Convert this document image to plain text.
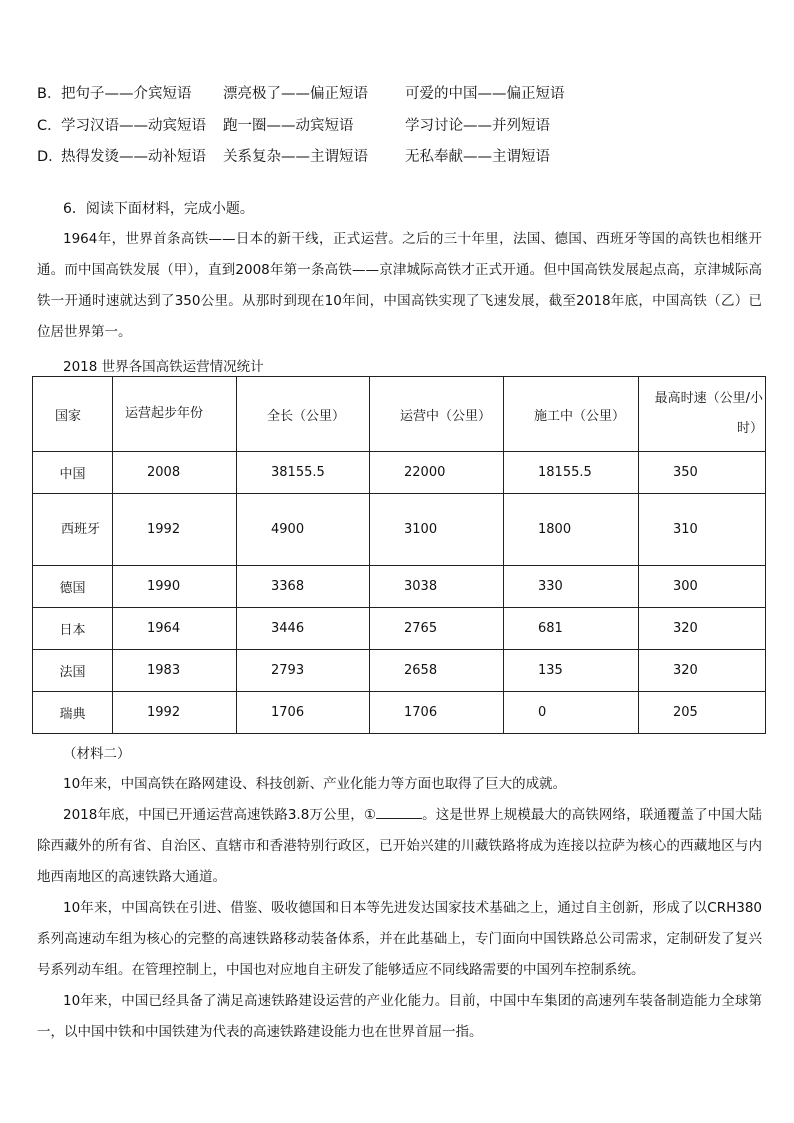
B． 把句子——介宾短语 漂亮极了——偏正短语	可爱的中国——偏正短语
C． 学习汉语——动宾短语 跑一圈——动宾短语	学习讨论——并列短语
D．
热得发烫——动补短语 关系复杂——主谓短语	无私奉献——主谓短语
6．阅读下面材料，完成小题。

1964年，世界首条高铁——日本的新干线，正式运营。之后的三十年里，法国、德国、西班牙等国的高铁也相继开通。而中国高铁发展（甲），直到2008年第一条高铁——京津城际高铁才正式开通。但中国高铁发展起点高，京津城际高铁一开通时速就达到了350公里。从那时到现在10年间，中国高铁实现了飞速发展，截至2018年底，中国高铁（乙）已位居世界第一。

2018 世界各国高铁运营情况统计
国家	运营起步年份	全长（公里）	运营中（公里）	施工中（公里）	最高时速（公里/小时）
中国	2008	38155.5	22000	18155.5	350
西班牙	1992	4900	3100	1800	310
德国	1990	3368	3038	330	300
日本	1964	3446	2765	681	320
法国	1983	2793	2658	135	320
瑞典	1992	1706	1706	0	205
（材料二）

10年来，中国高铁在路网建设、科技创新、产业化能力等方面也取得了巨大的成就。

2018年底，中国已开通运营高速铁路3.8万公里，①	。这是世界上规模最大的高铁网络，联通覆盖了中国大陆除西藏外的所有省、自治区、直辖市和香港特别行政区，已开始兴建的川藏铁路将成为连接以拉萨为核心的西藏地区与内地西南地区的高速铁路大通道。

10年来，中国高铁在引进、借鉴、吸收德国和日本等先进发达国家技术基础之上，通过自主创新，形成了以CRH380系列高速动车组为核心的完整的高速铁路移动装备体系，并在此基础上，专门面向中国铁路总公司需求，定制研发了复兴号系列动车组。在管理控制上，中国也对应地自主研发了能够适应不同线路需要的中国列车控制系统。

10年来，中国已经具备了满足高速铁路建设运营的产业化能力。目前，中国中车集团的高速列车装备制造能力全球第一，以中国中铁和中国铁建为代表的高速铁路建设能力也在世界首屈一指。
